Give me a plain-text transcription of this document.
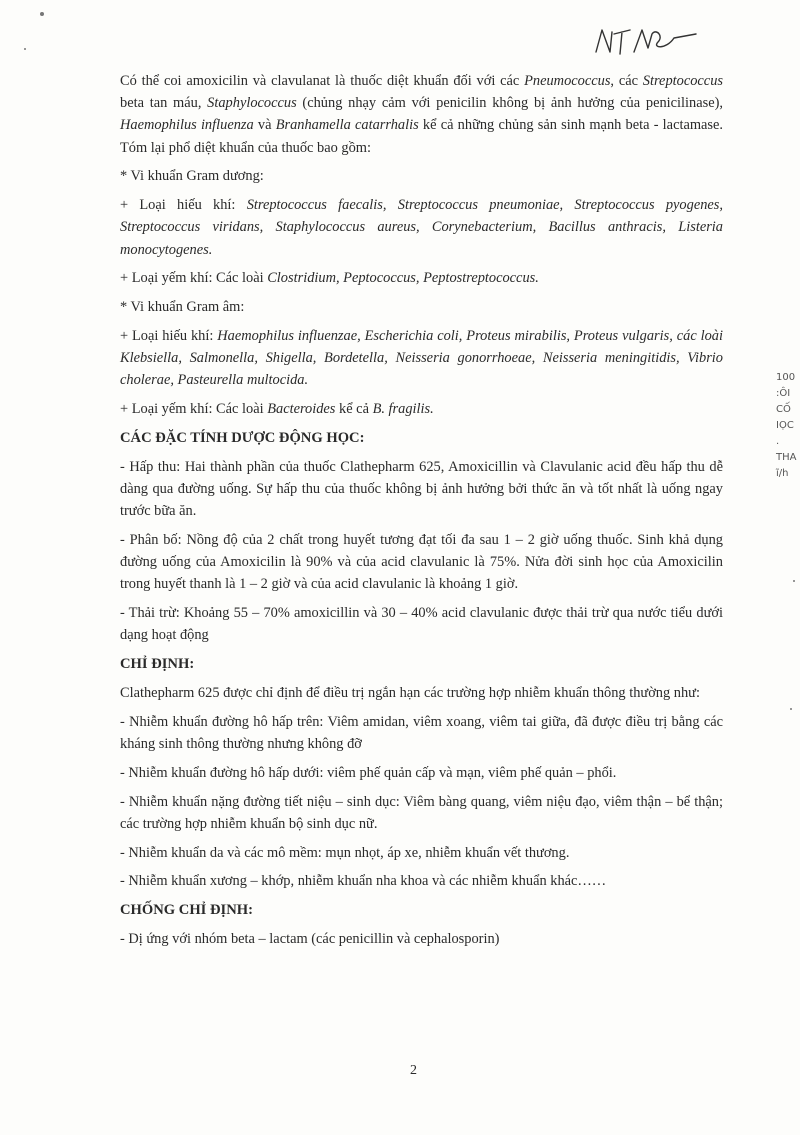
Có thể coi amoxicilin và clavulanat là thuốc diệt khuẩn đối với các Pneumococcus, các Streptococcus beta tan máu, Staphylococcus (chủng nhạy cảm với penicilin không bị ảnh hưởng của penicilinase), Haemophilus influenza và Branhamella catarrhalis kể cả những chủng sản sinh mạnh beta - lactamase. Tóm lại phổ diệt khuẩn của thuốc bao gồm:

* Vi khuẩn Gram dương:

+ Loại hiếu khí: Streptococcus faecalis, Streptococcus pneumoniae, Streptococcus pyogenes, Streptococcus viridans, Staphylococcus aureus, Corynebacterium, Bacillus anthracis, Listeria monocytogenes.

+ Loại yếm khí: Các loài Clostridium, Peptococcus, Peptostreptococcus.

* Vi khuẩn Gram âm:

+ Loại hiếu khí: Haemophilus influenzae, Escherichia coli, Proteus mirabilis, Proteus vulgaris, các loài Klebsiella, Salmonella, Shigella, Bordetella, Neisseria gonorrhoeae, Neisseria meningitidis, Vibrio cholerae, Pasteurella multocida.

+ Loại yếm khí: Các loài Bacteroides kể cả B. fragilis.

CÁC ĐẶC TÍNH DƯỢC ĐỘNG HỌC:

- Hấp thu: Hai thành phần của thuốc Clathepharm 625, Amoxicillin và Clavulanic acid đều hấp thu dễ dàng qua đường uống. Sự hấp thu của thuốc không bị ảnh hưởng bởi thức ăn và tốt nhất là uống ngay trước bữa ăn.

- Phân bố: Nồng độ của 2 chất trong huyết tương đạt tối đa sau 1 – 2 giờ uống thuốc. Sinh khả dụng đường uống của Amoxicilin là 90% và của acid clavulanic là 75%. Nửa đời sinh học của Amoxicilin trong huyết thanh là 1 – 2 giờ và của acid clavulanic là khoảng 1 giờ.

- Thải trừ: Khoảng 55 – 70% amoxicillin và 30 – 40% acid clavulanic được thải trừ qua nước tiểu dưới dạng hoạt động

CHỈ ĐỊNH:

Clathepharm 625 được chỉ định để điều trị ngắn hạn các trường hợp nhiễm khuẩn thông thường như:

- Nhiễm khuẩn đường hô hấp trên: Viêm amidan, viêm xoang, viêm tai giữa, đã được điều trị bằng các kháng sinh thông thường nhưng không đỡ

- Nhiễm khuẩn đường hô hấp dưới: viêm phế quản cấp và mạn, viêm phế quản – phổi.

- Nhiễm khuẩn nặng đường tiết niệu – sinh dục: Viêm bàng quang, viêm niệu đạo, viêm thận – bể thận; các trường hợp nhiễm khuẩn bộ sinh dục nữ.

- Nhiễm khuẩn da và các mô mềm: mụn nhọt, áp xe, nhiễm khuẩn vết thương.

- Nhiễm khuẩn xương – khớp, nhiễm khuẩn nha khoa và các nhiễm khuẩn khác……

CHỐNG CHỈ ĐỊNH:

- Dị ứng với nhóm beta – lactam (các penicillin và cephalosporin)

2
100
:ÔI
CỐ
IỌC
.
THA
ĩ/h
